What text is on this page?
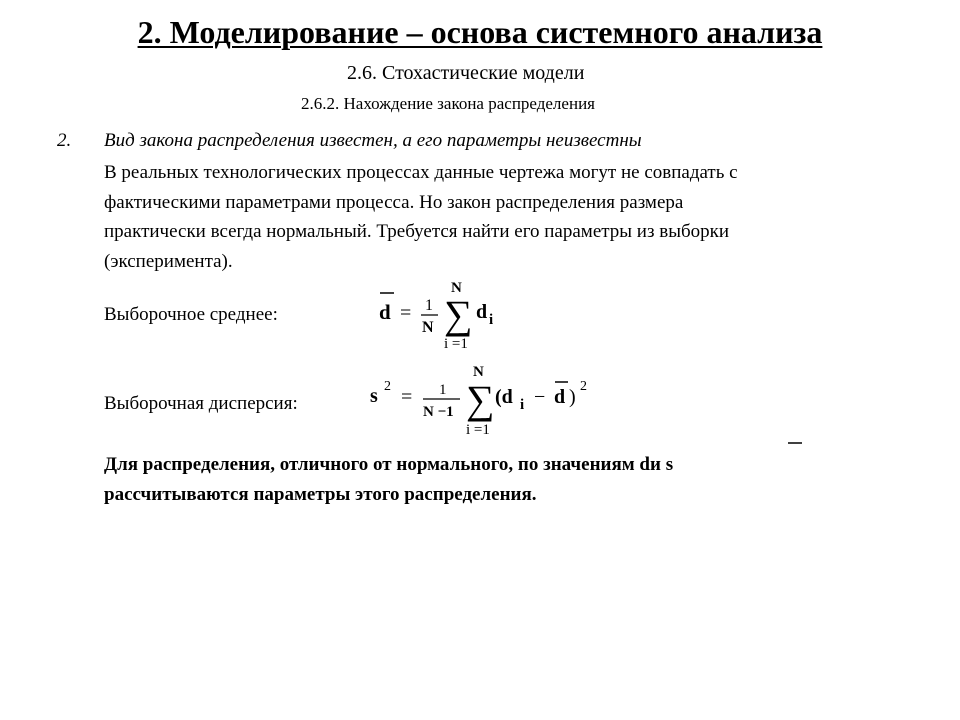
2. Моделирование – основа системного анализа
2.6. Стохастические модели
2.6.2. Нахождение закона распределения
2. Вид закона распределения известен, а его параметры неизвестны
В реальных технологических процессах данные чертежа могут не совпадать с
фактическими параметрами процесса. Но закон распределения размера
практически всегда нормальный. Требуется найти его параметры из выборки
(эксперимента).
Выборочное среднее:	d = 1
N ∑
N
i =1
d i
Выборочная дисперсия:	s 2 = 1
N −1 ∑
N
i =1
(d i − d ) 2
Для распределения, отличного от нормального, по значениям dи s
рассчитываются параметры этого распределения.
